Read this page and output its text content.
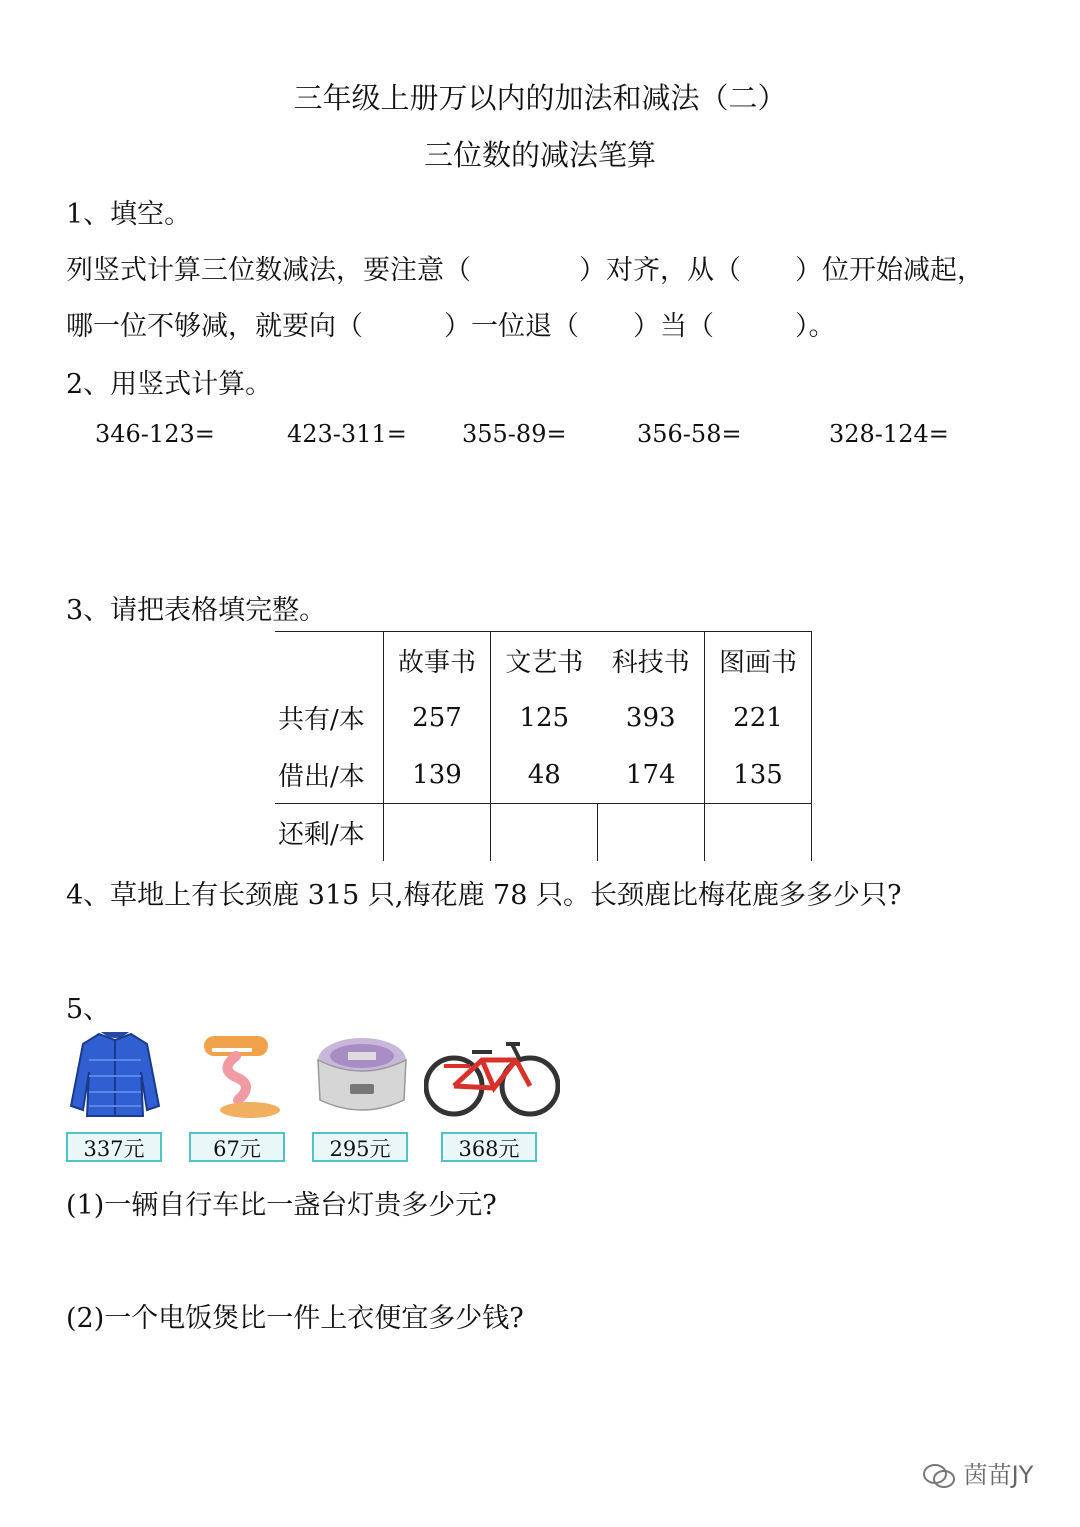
三年级上册万以内的加法和减法（二）
三位数的减法笔算
1、填空。
列竖式计算三位数减法，要注意（　　　　）对齐，从（　　）位开始减起，
哪一位不够减，就要向（　　　）一位退（　　）当（　　　）。
2、用竖式计算。
346-123=	423-311= 355-89=	356-58=	328-124=
3、请把表格填完整。
	故事书	文艺书	科技书	图画书
共有/本	257	125	393	221
借出/本	139	48	174	135
还剩/本				
4、草地上有长颈鹿 315 只,梅花鹿 78 只。长颈鹿比梅花鹿多多少只?
5、
337元	67元	295元	368元
(1)一辆自行车比一盏台灯贵多少元?
(2)一个电饭煲比一件上衣便宜多少钱?
茵苗JY
